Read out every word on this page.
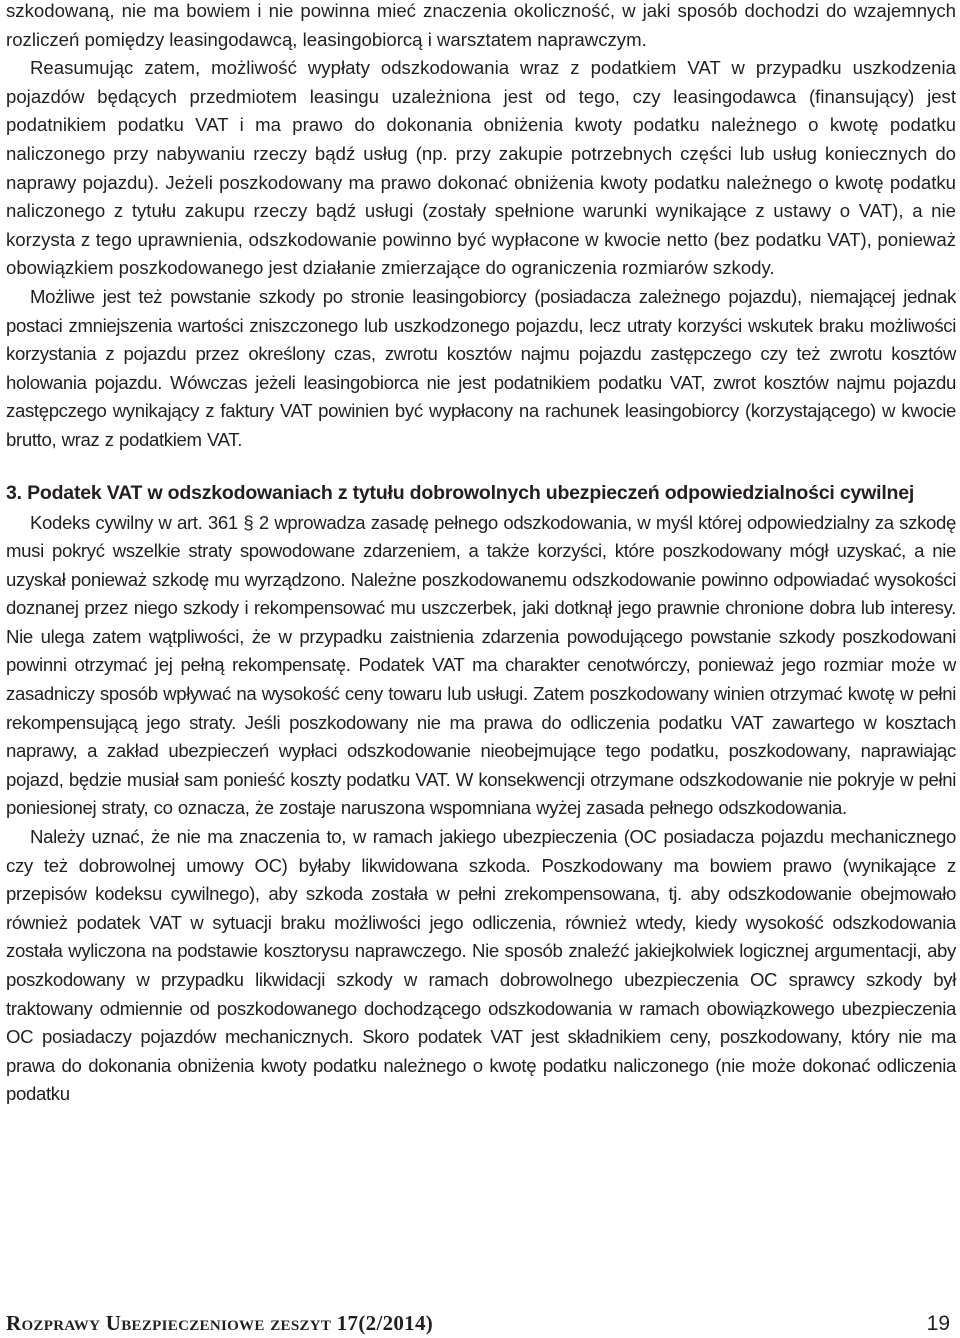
szkodowaną, nie ma bowiem i nie powinna mieć znaczenia okoliczność, w jaki sposób dochodzi do wzajemnych rozliczeń pomiędzy leasingodawcą, leasingobiorcą i warsztatem naprawczym.

Reasumując zatem, możliwość wypłaty odszkodowania wraz z podatkiem VAT w przypadku uszkodzenia pojazdów będących przedmiotem leasingu uzależniona jest od tego, czy leasingodawca (finansujący) jest podatnikiem podatku VAT i ma prawo do dokonania obniżenia kwoty podatku należnego o kwotę podatku naliczonego przy nabywaniu rzeczy bądź usług (np. przy zakupie potrzebnych części lub usług koniecznych do naprawy pojazdu). Jeżeli poszkodowany ma prawo dokonać obniżenia kwoty podatku należnego o kwotę podatku naliczonego z tytułu zakupu rzeczy bądź usługi (zostały spełnione warunki wynikające z ustawy o VAT), a nie korzysta z tego uprawnienia, odszkodowanie powinno być wypłacone w kwocie netto (bez podatku VAT), ponieważ obowiązkiem poszkodowanego jest działanie zmierzające do ograniczenia rozmiarów szkody.

Możliwe jest też powstanie szkody po stronie leasingobiorcy (posiadacza zależnego pojazdu), niemającej jednak postaci zmniejszenia wartości zniszczonego lub uszkodzonego pojazdu, lecz utraty korzyści wskutek braku możliwości korzystania z pojazdu przez określony czas, zwrotu kosztów najmu pojazdu zastępczego czy też zwrotu kosztów holowania pojazdu. Wówczas jeżeli leasingobiorca nie jest podatnikiem podatku VAT, zwrot kosztów najmu pojazdu zastępczego wynikający z faktury VAT powinien być wypłacony na rachunek leasingobiorcy (korzystającego) w kwocie brutto, wraz z podatkiem VAT.

3. Podatek VAT w odszkodowaniach z tytułu dobrowolnych ubezpieczeń odpowiedzialności cywilnej

Kodeks cywilny w art. 361 § 2 wprowadza zasadę pełnego odszkodowania, w myśl której odpowiedzialny za szkodę musi pokryć wszelkie straty spowodowane zdarzeniem, a także korzyści, które poszkodowany mógł uzyskać, a nie uzyskał ponieważ szkodę mu wyrządzono. Należne poszkodowanemu odszkodowanie powinno odpowiadać wysokości doznanej przez niego szkody i rekompensować mu uszczerbek, jaki dotknął jego prawnie chronione dobra lub interesy. Nie ulega zatem wątpliwości, że w przypadku zaistnienia zdarzenia powodującego powstanie szkody poszkodowani powinni otrzymać jej pełną rekompensatę. Podatek VAT ma charakter cenotwórczy, ponieważ jego rozmiar może w zasadniczy sposób wpływać na wysokość ceny towaru lub usługi. Zatem poszkodowany winien otrzymać kwotę w pełni rekompensującą jego straty. Jeśli poszkodowany nie ma prawa do odliczenia podatku VAT zawartego w kosztach naprawy, a zakład ubezpieczeń wypłaci odszkodowanie nieobejmujące tego podatku, poszkodowany, naprawiając pojazd, będzie musiał sam ponieść koszty podatku VAT. W konsekwencji otrzymane odszkodowanie nie pokryje w pełni poniesionej straty, co oznacza, że zostaje naruszona wspomniana wyżej zasada pełnego odszkodowania.

Należy uznać, że nie ma znaczenia to, w ramach jakiego ubezpieczenia (OC posiadacza pojazdu mechanicznego czy też dobrowolnej umowy OC) byłaby likwidowana szkoda. Poszkodowany ma bowiem prawo (wynikające z przepisów kodeksu cywilnego), aby szkoda została w pełni zrekompensowana, tj. aby odszkodowanie obejmowało również podatek VAT w sytuacji braku możliwości jego odliczenia, również wtedy, kiedy wysokość odszkodowania została wyliczona na podstawie kosztorysu naprawczego. Nie sposób znaleźć jakiejkolwiek logicznej argumentacji, aby poszkodowany w przypadku likwidacji szkody w ramach dobrowolnego ubezpieczenia OC sprawcy szkody był traktowany odmiennie od poszkodowanego dochodzącego odszkodowania w ramach obowiązkowego ubezpieczenia OC posiadaczy pojazdów mechanicznych. Skoro podatek VAT jest składnikiem ceny, poszkodowany, który nie ma prawa do dokonania obniżenia kwoty podatku należnego o kwotę podatku naliczonego (nie może dokonać odliczenia podatku

Rozprawy Ubezpieczeniowe zeszyt 17(2/2014)	19
